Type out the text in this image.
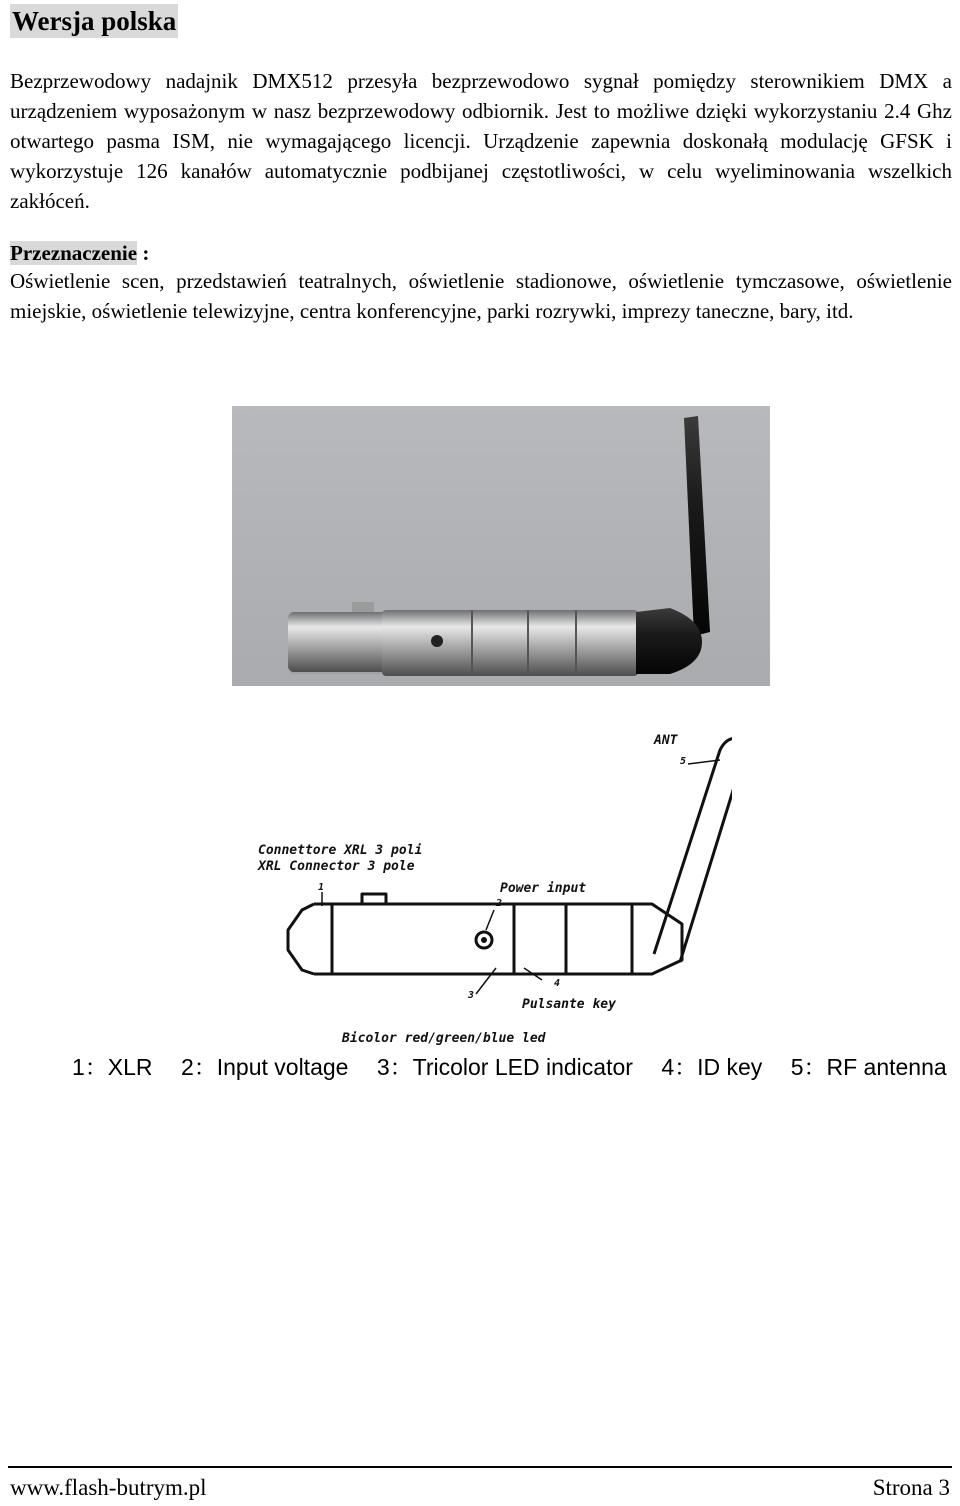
Wersja polska

Bezprzewodowy nadajnik DMX512 przesyła bezprzewodowo sygnał pomiędzy sterownikiem DMX a urządzeniem wyposażonym w nasz bezprzewodowy odbiornik. Jest to możliwe dzięki wykorzystaniu 2.4 Ghz otwartego pasma ISM, nie wymagającego licencji. Urządzenie zapewnia doskonałą modulację GFSK i wykorzystuje 126 kanałów automatycznie podbijanej częstotliwości, w celu wyeliminowania wszelkich zakłóceń.

Przeznaczenie :

Oświetlenie scen, przedstawień teatralnych, oświetlenie stadionowe, oświetlenie tymczasowe, oświetlenie miejskie, oświetlenie telewizyjne, centra konferencyjne, parki rozrywki, imprezy taneczne, bary, itd.

ANT
5
Connettore XRL 3 poli
XRL Connector 3 pole
1	Power input
2
3
4
Pulsante key
Bicolor red/green/blue led
1：XLR 2：Input voltage 3：Tricolor LED indicator 4：ID key 5：RF antenna
www.flash-butrym.pl	Strona 3
